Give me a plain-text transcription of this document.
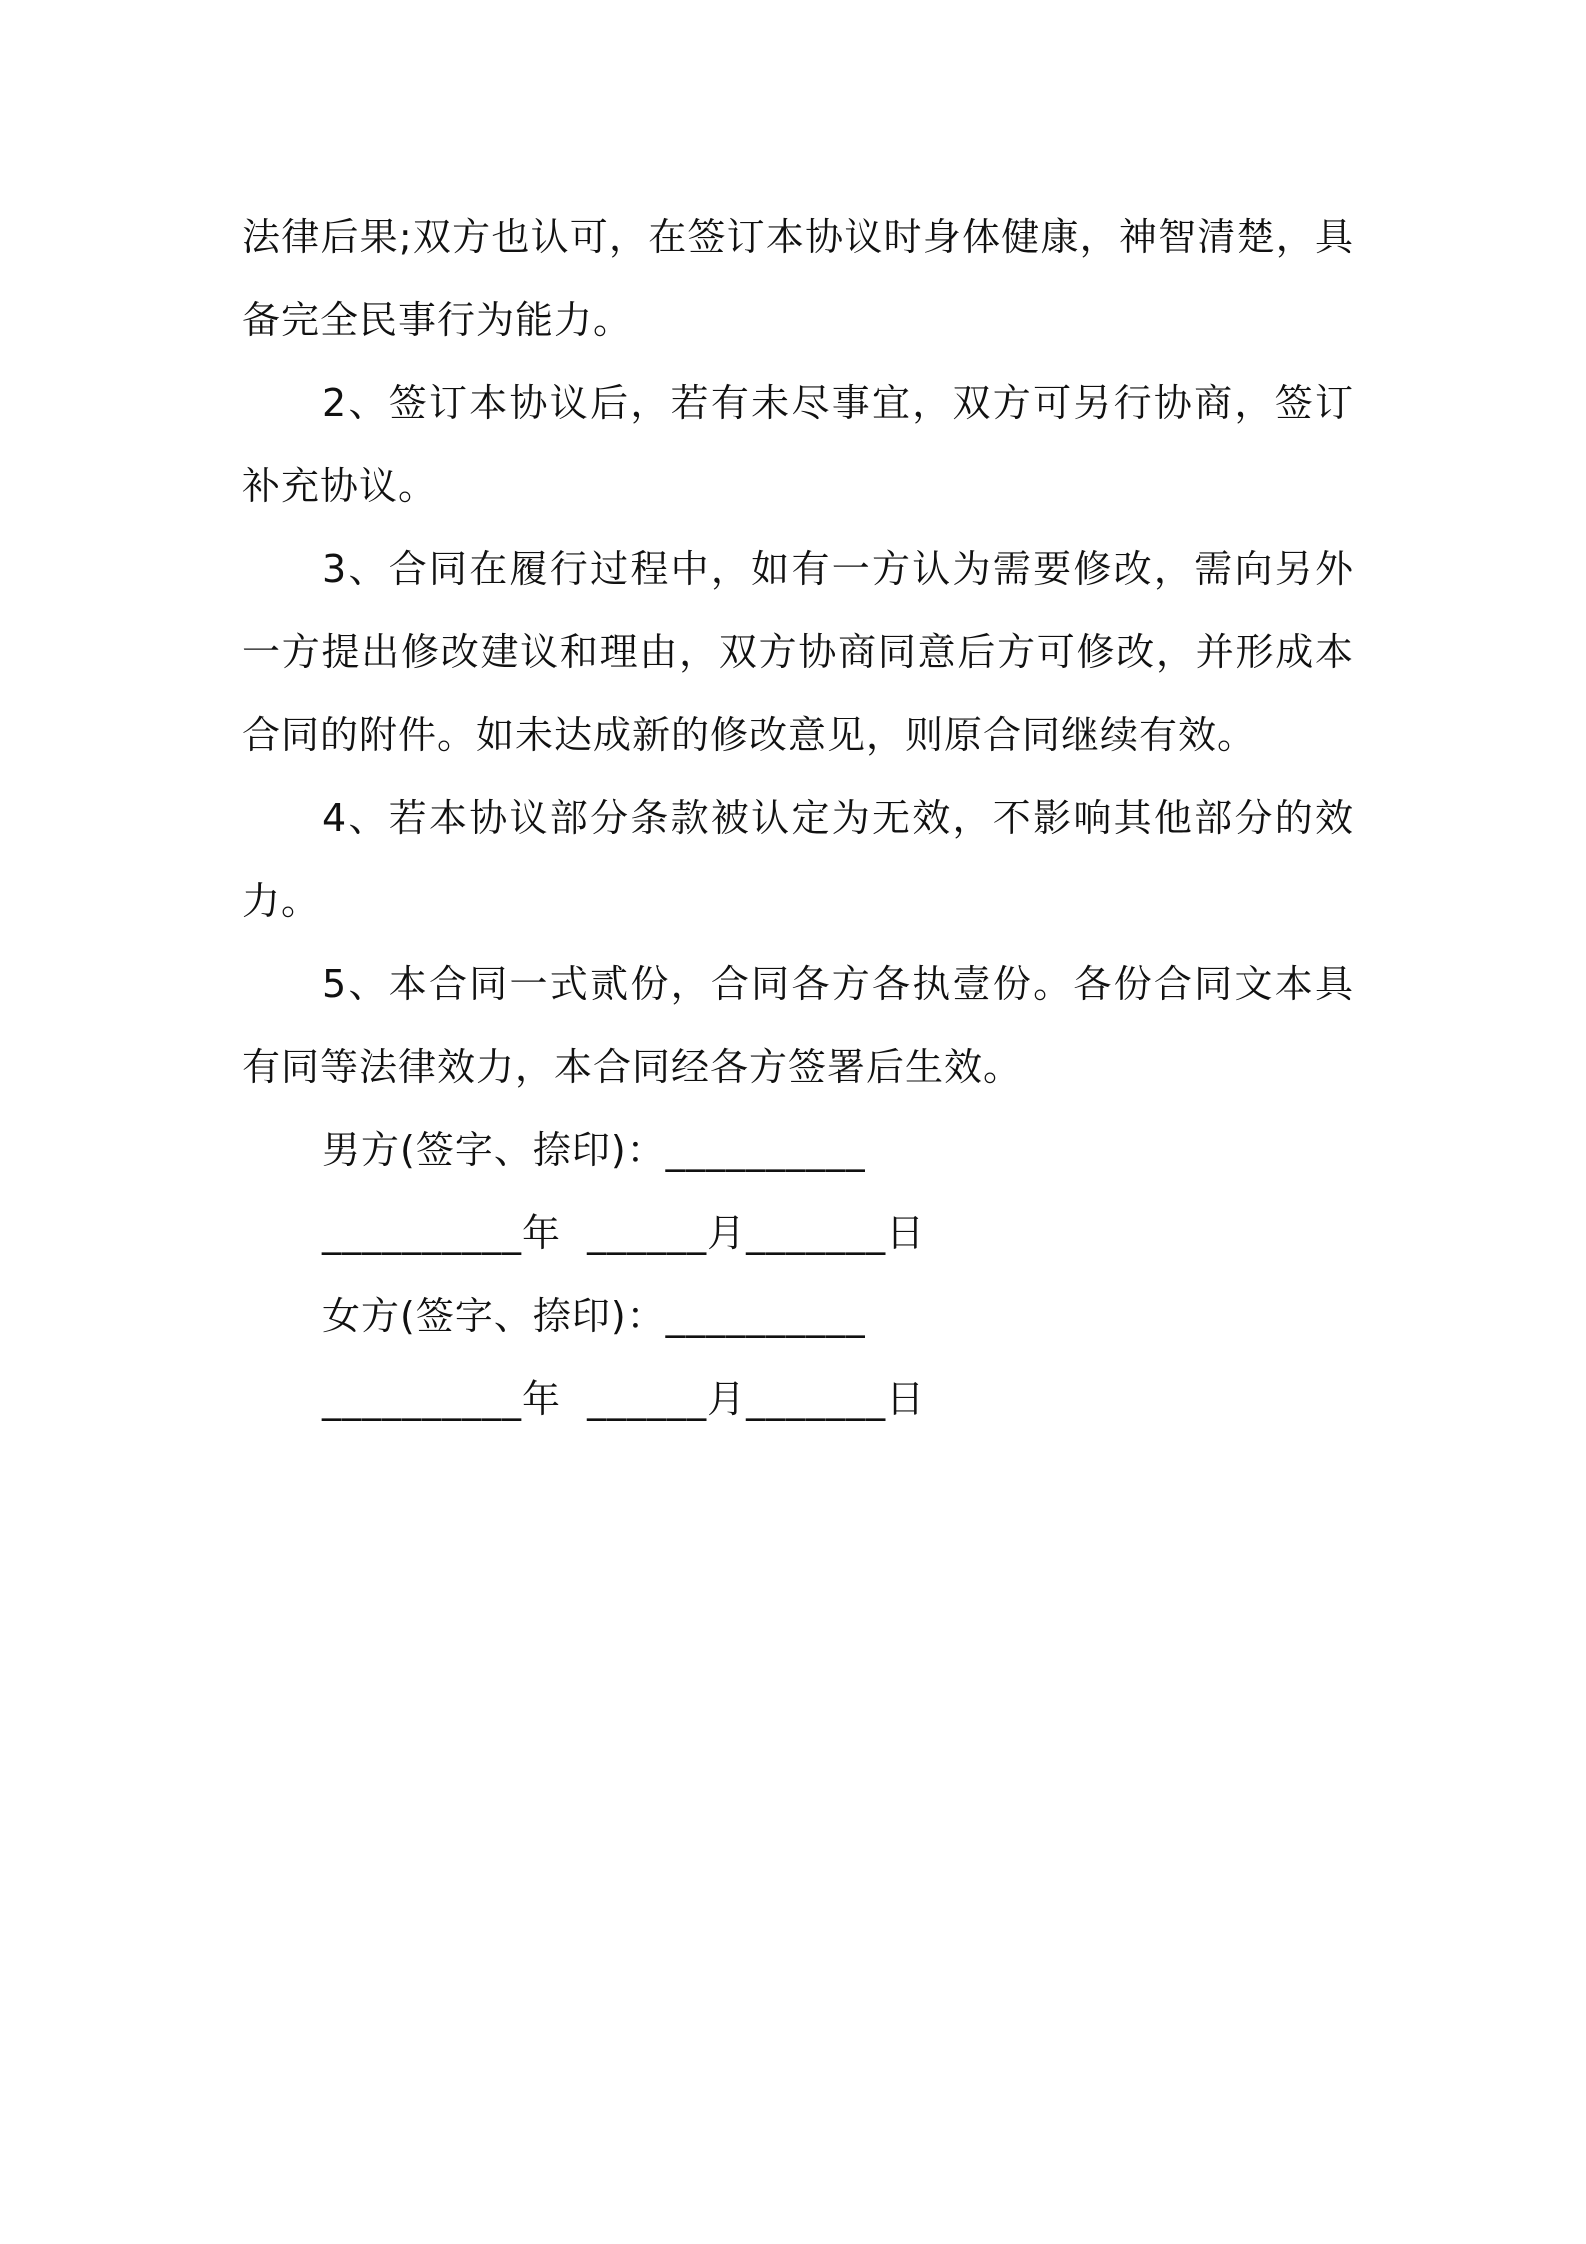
法律后果;双方也认可，在签订本协议时身体健康，神智清楚，具备完全民事行为能力。

2、签订本协议后，若有未尽事宜，双方可另行协商，签订补充协议。

3、合同在履行过程中，如有一方认为需要修改，需向另外一方提出修改建议和理由，双方协商同意后方可修改，并形成本合同的附件。如未达成新的修改意见，则原合同继续有效。

4、若本协议部分条款被认定为无效，不影响其他部分的效力。

5、本合同一式贰份，合同各方各执壹份。各份合同文本具有同等法律效力，本合同经各方签署后生效。

男方(签字、捺印)：__________

__________年  ______月_______日

女方(签字、捺印)：__________

__________年  ______月_______日
